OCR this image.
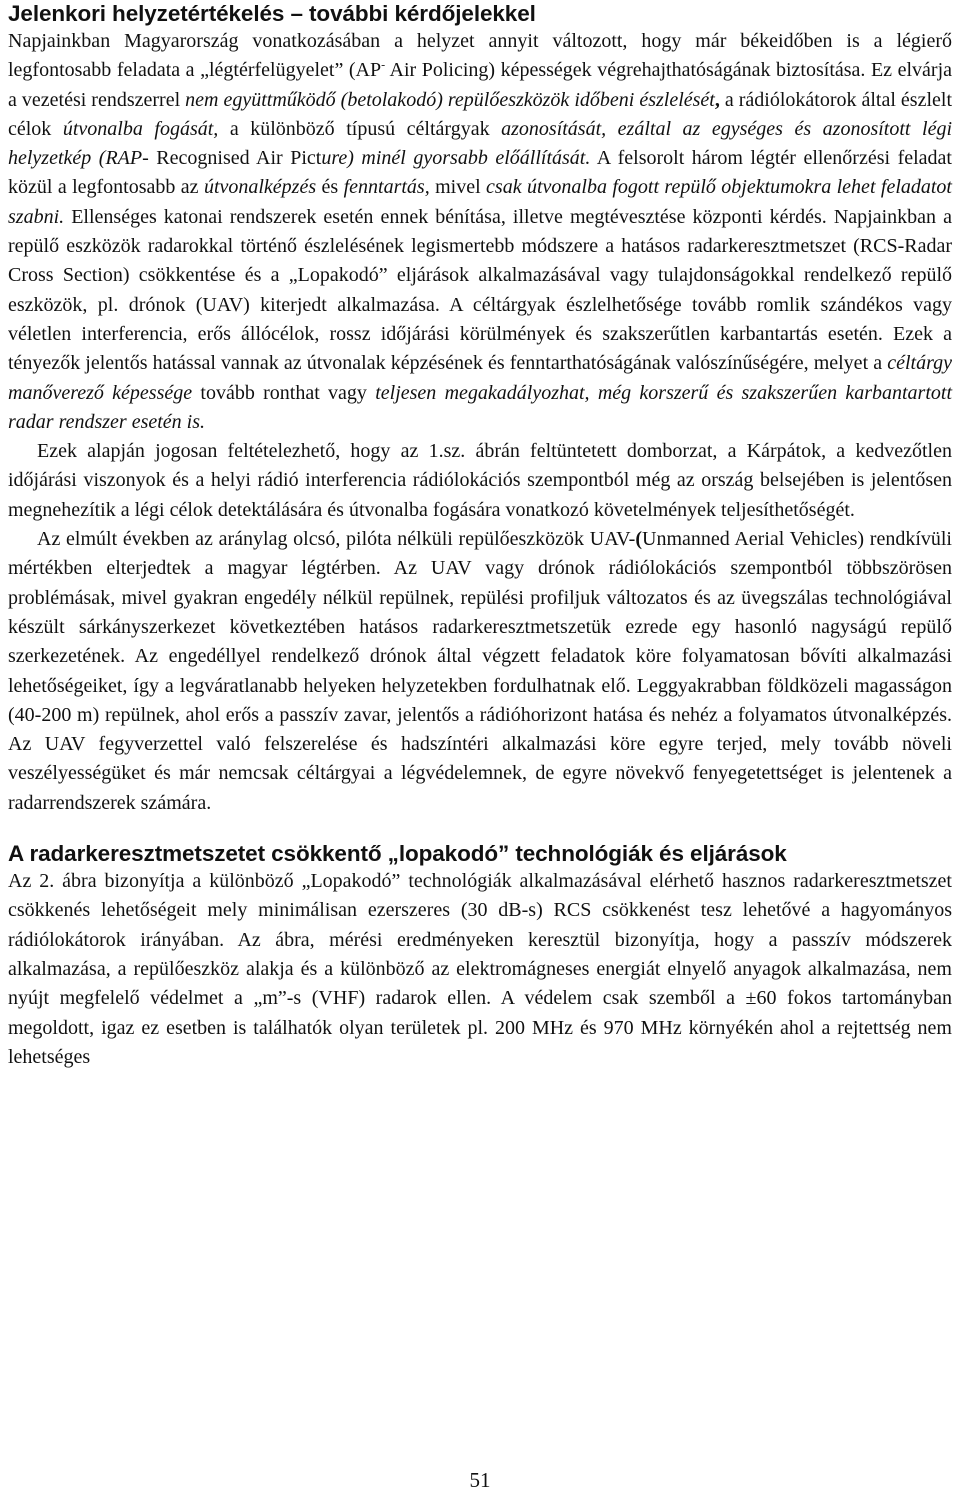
Jelenkori helyzetértékelés – további kérdőjelekkel

Napjainkban Magyarország vonatkozásában a helyzet annyit változott, hogy már békeidőben is a légierő legfontosabb feladata a „légtérfelügyelet” (AP- Air Policing) képességek végrehajthatóságának biztosítása. Ez elvárja a vezetési rendszerrel nem együttműködő (betolakodó) repülőeszközök időbeni észlelését, a rádiólokátorok által észlelt célok útvonalba fogását, a különböző típusú céltárgyak azonosítását, ezáltal az egységes és azonosított légi helyzetkép (RAP- Recognised Air Picture) minél gyorsabb előállítását. A felsorolt három légtér ellenőrzési feladat közül a legfontosabb az útvonalképzés és fenntartás, mivel csak útvonalba fogott repülő objektumokra lehet feladatot szabni. Ellenséges katonai rendszerek esetén ennek bénítása, illetve megtévesztése központi kérdés. Napjainkban a repülő eszközök radarokkal történő észlelésének legismertebb módszere a hatásos radarkeresztmetszet (RCS-Radar Cross Section) csökkentése és a „Lopakodó” eljárások alkalmazásával vagy tulajdonságokkal rendelkező repülő eszközök, pl. drónok (UAV) kiterjedt alkalmazása. A céltárgyak észlelhetősége tovább romlik szándékos vagy véletlen interferencia, erős állócélok, rossz időjárási körülmények és szakszerűtlen karbantartás esetén. Ezek a tényezők jelentős hatással vannak az útvonalak képzésének és fenntarthatóságának valószínűségére, melyet a céltárgy manőverező képessége tovább ronthat vagy teljesen megakadályozhat, még korszerű és szakszerűen karbantartott radar rendszer esetén is.

Ezek alapján jogosan feltételezhető, hogy az 1.sz. ábrán feltüntetett domborzat, a Kárpátok, a kedvezőtlen időjárási viszonyok és a helyi rádió interferencia rádiólokációs szempontból még az ország belsejében is jelentősen megnehezítik a légi célok detektálására és útvonalba fogására vonatkozó követelmények teljesíthetőségét.

Az elmúlt években az aránylag olcsó, pilóta nélküli repülőeszközök UAV-(Unmanned Aerial Vehicles) rendkívüli mértékben elterjedtek a magyar légtérben. Az UAV vagy drónok rádiólokációs szempontból többszörösen problémásak, mivel gyakran engedély nélkül repülnek, repülési profiljuk változatos és az üvegszálas technológiával készült sárkányszerkezet következtében hatásos radarkeresztmetszetük ezrede egy hasonló nagyságú repülő szerkezetének. Az engedéllyel rendelkező drónok által végzett feladatok köre folyamatosan bővíti alkalmazási lehetőségeiket, így a legváratlanabb helyeken helyzetekben fordulhatnak elő. Leggyakrabban földközeli magasságon (40-200 m) repülnek, ahol erős a passzív zavar, jelentős a rádióhorizont hatása és nehéz a folyamatos útvonalképzés. Az UAV fegyverzettel való felszerelése és hadszíntéri alkalmazási köre egyre terjed, mely tovább növeli veszélyességüket és már nemcsak céltárgyai a légvédelemnek, de egyre növekvő fenyegetettséget is jelentenek a radarrendszerek számára.

A radarkeresztmetszetet csökkentő „lopakodó” technológiák és eljárások

Az 2. ábra bizonyítja a különböző „Lopakodó” technológiák alkalmazásával elérhető hasznos radarkeresztmetszet csökkenés lehetőségeit mely minimálisan ezerszeres (30 dB-s) RCS csökkenést tesz lehetővé a hagyományos rádiólokátorok irányában. Az ábra, mérési eredményeken keresztül bizonyítja, hogy a passzív módszerek alkalmazása, a repülőeszköz alakja és a különböző az elektromágneses energiát elnyelő anyagok alkalmazása, nem nyújt megfelelő védelmet a „m”-s (VHF) radarok ellen. A védelem csak szemből a ±60 fokos tartományban megoldott, igaz ez esetben is találhatók olyan területek pl. 200 MHz és 970 MHz környékén ahol a rejtettség nem lehetséges

51
